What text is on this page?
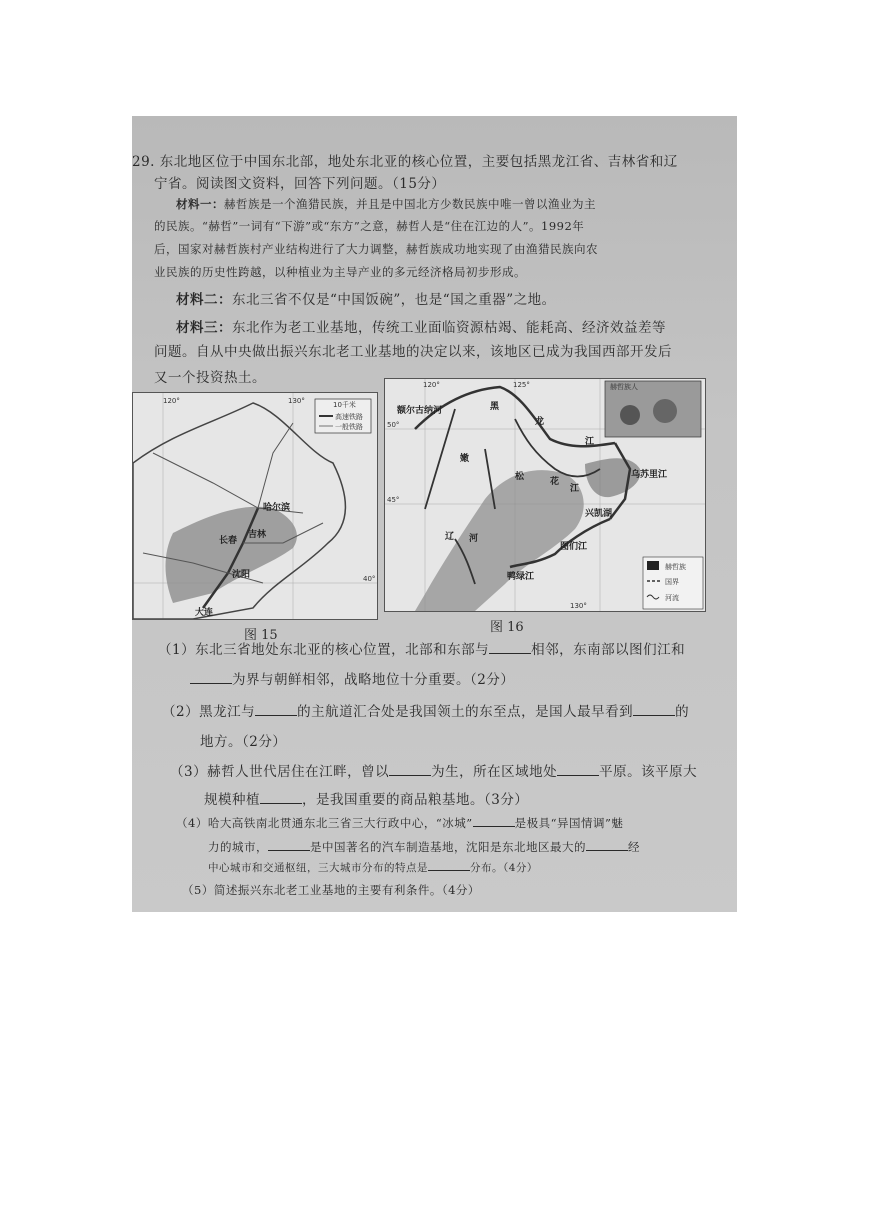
29. 东北地区位于中国东北部，地处东北亚的核心位置，主要包括黑龙江省、吉林省和辽
宁省。阅读图文资料，回答下列问题。（15分）
材料一：赫哲族是一个渔猎民族，并且是中国北方少数民族中唯一曾以渔业为主
的民族。“赫哲”一词有“下游”或“东方”之意，赫哲人是“住在江边的人”。1992年
后，国家对赫哲族村产业结构进行了大力调整，赫哲族成功地实现了由渔猎民族向农
业民族的历史性跨越，以种植业为主导产业的多元经济格局初步形成。
材料二：东北三省不仅是“中国饭碗”，也是“国之重器”之地。
材料三：东北作为老工业基地，传统工业面临资源枯竭、能耗高、经济效益差等
问题。自从中央做出振兴东北老工业基地的决定以来，该地区已成为我国西部开发后
又一个投资热土。
10千米
高速铁路
一般铁路
120°	130°
40°
哈尔滨
长春
吉林
沈阳
大连
图 15
赫哲族人
120°	125°
130°
50°
45°
额尔古纳河	黑
龙
江
嫩
松	花
江
乌苏里江
兴凯湖
图们江
辽 河
鸭绿江
赫哲族
国界
河流
图 16
（1）东北三省地处东北亚的核心位置，北部和东部与	相邻，东南部以图们江和
为界与朝鲜相邻，战略地位十分重要。（2分）
（2）黑龙江与	的主航道汇合处是我国领土的东至点，是国人最早看到	的
地方。（2分）
（3）赫哲人世代居住在江畔，曾以	为生，所在区域地处	平原。该平原大
规模种植	，是我国重要的商品粮基地。（3分）
（4）哈大高铁南北贯通东北三省三大行政中心，“冰城”	是极具“异国情调”魅
力的城市，	是中国著名的汽车制造基地，沈阳是东北地区最大的	经
中心城市和交通枢纽，三大城市分布的特点是	分布。（4分）
（5）简述振兴东北老工业基地的主要有利条件。（4分）
